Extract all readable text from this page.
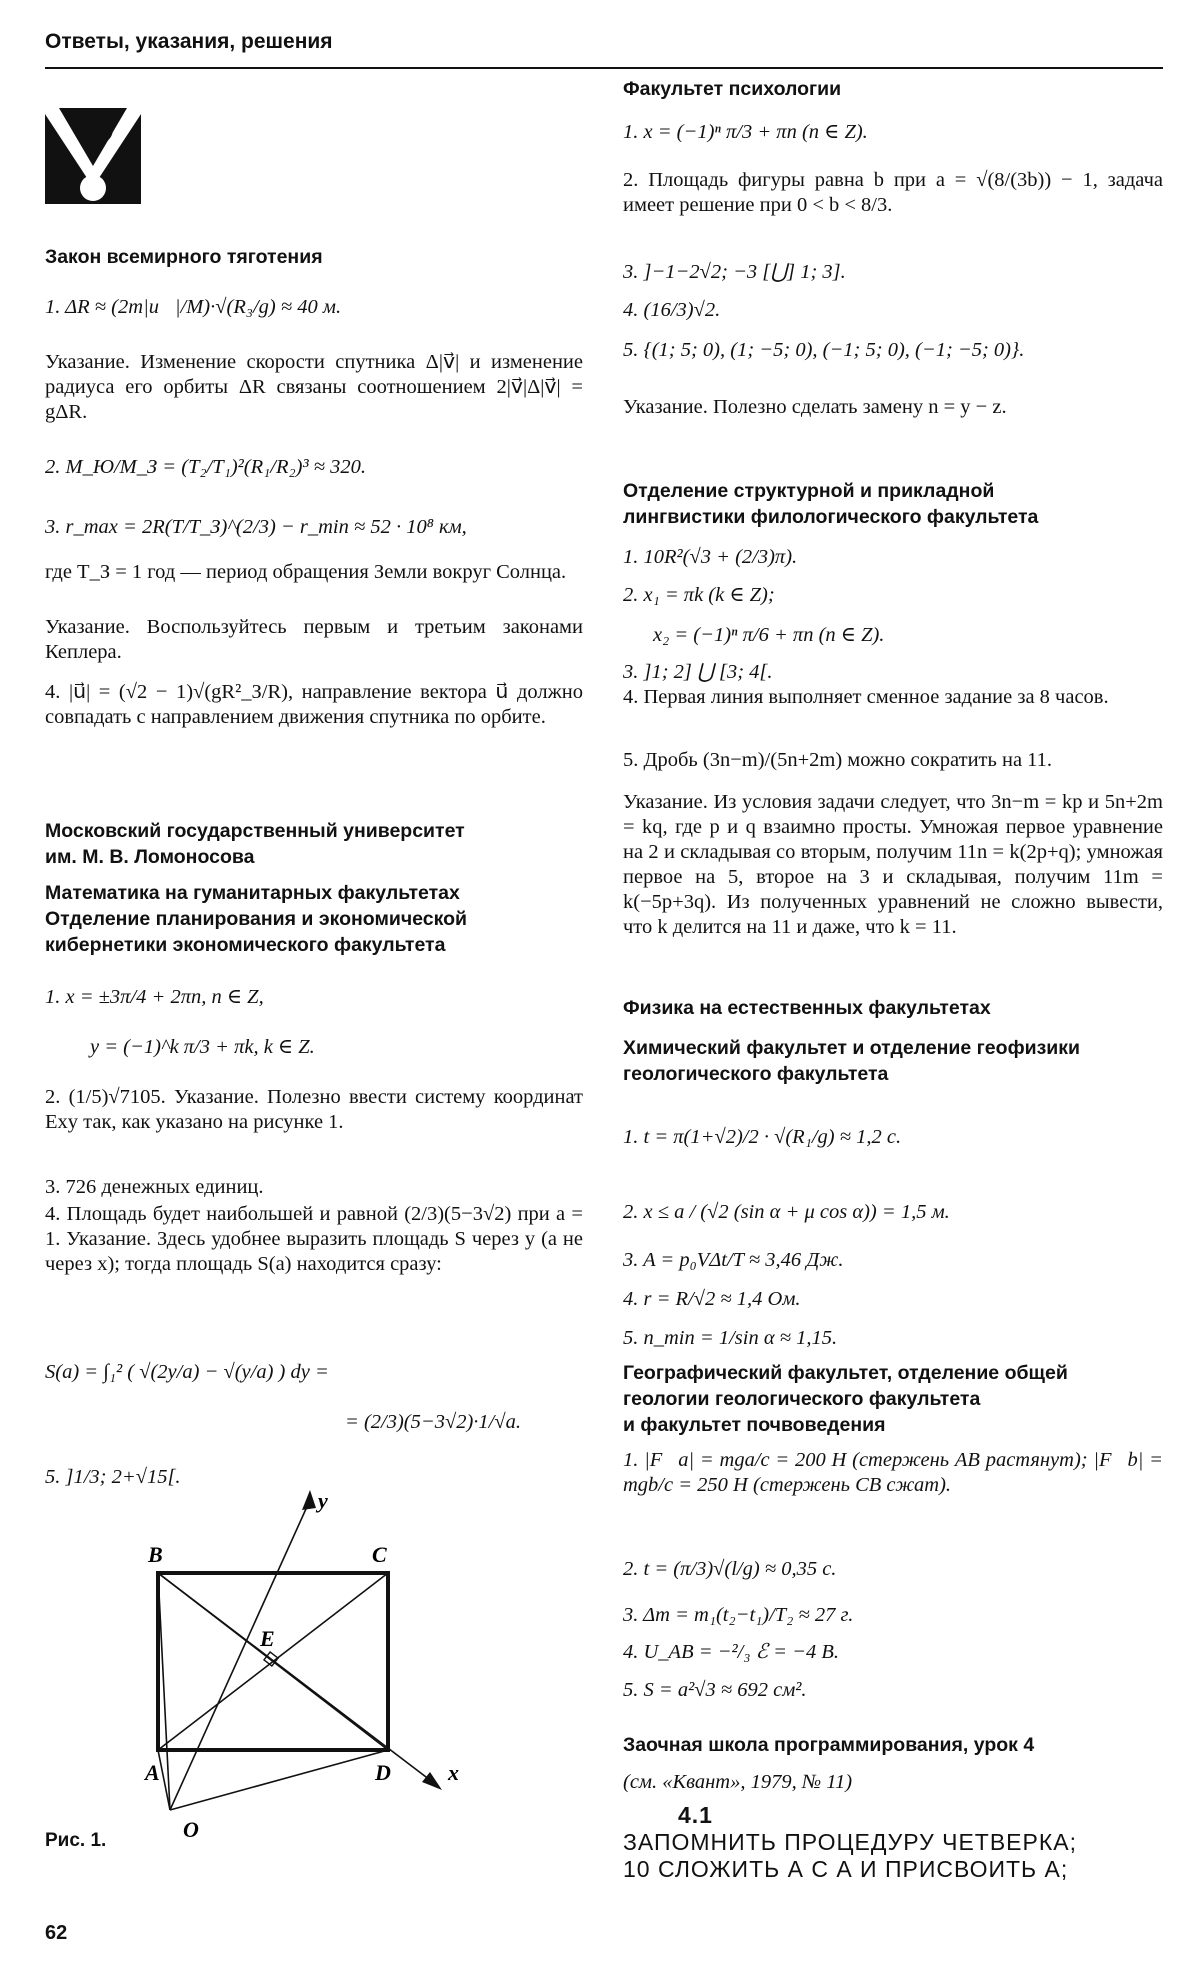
Ответы, указания, решения
Закон всемирного тяготения
1. ΔR ≈ (2m|u⃗|/M)·√(R₃/g) ≈ 40 м.
Указание. Изменение скорости спутника Δ|v⃗| и изменение радиуса его орбиты ΔR связаны соотношением 2|v⃗|Δ|v⃗| = gΔR.
2. M_Ю/M_З = (T₂/T₁)²(R₁/R₂)³ ≈ 320.
3. r_max = 2R(T/T_З)^(2/3) − r_min ≈ 52 · 10⁸ км,
где T_З = 1 год — период обращения Земли вокруг Солнца.
Указание. Воспользуйтесь первым и третьим законами Кеплера.
4. |u⃗| = (√2 − 1)√(gR²_З/R), направление вектора u⃗ должно совпадать с направлением движения спутника по орбите.
Московский государственный университет
им. М. В. Ломоносова
Математика на гуманитарных факультетах
Отделение планирования и экономической
кибернетики экономического факультета
1. x = ±3π/4 + 2πn, n ∈ Z,
y = (−1)^k π/3 + πk, k ∈ Z.
2. (1/5)√7105. Указание. Полезно ввести систему координат Exy так, как указано на рисунке 1.
3. 726 денежных единиц.
4. Площадь будет наибольшей и равной (2/3)(5−3√2) при a = 1. Указание. Здесь удобнее выразить площадь S через y (а не через x); тогда площадь S(a) находится сразу:
S(a) = ∫₁² ( √(2y/a) − √(y/a) ) dy =
= (2/3)(5−3√2)·1/√a.
5. ]1/3; 2+√15[.
B	C
A	D
E
O
y
x
Рис. 1.
62
Факультет психологии
1. x = (−1)ⁿ π/3 + πn (n ∈ Z).
2. Площадь фигуры равна b при a = √(8/(3b)) − 1, задача имеет решение при 0 < b < 8/3.
3. ]−1−2√2; −3 [⋃] 1; 3].
4. (16/3)√2.
5. {(1; 5; 0), (1; −5; 0), (−1; 5; 0), (−1; −5; 0)}.
Указание. Полезно сделать замену n = y − z.
Отделение структурной и прикладной
лингвистики филологического факультета
1. 10R²(√3 + (2/3)π).
2. x₁ = πk (k ∈ Z);
x₂ = (−1)ⁿ π/6 + πn (n ∈ Z).
3. ]1; 2] ⋃ [3; 4[.
4. Первая линия выполняет сменное задание за 8 часов.
5. Дробь (3n−m)/(5n+2m) можно сократить на 11.
Указание. Из условия задачи следует, что 3n−m = kp и 5n+2m = kq, где p и q взаимно просты. Умножая первое уравнение на 2 и складывая со вторым, получим 11n = k(2p+q); умножая первое на 5, второе на 3 и складывая, получим 11m = k(−5p+3q). Из полученных уравнений не сложно вывести, что k делится на 11 и даже, что k = 11.
Физика на естественных факультетах
Химический факультет и отделение геофизики
геологического факультета
1. t = π(1+√2)/2 · √(R₁/g) ≈ 1,2 с.
2. x ≤ a / (√2 (sin α + μ cos α)) = 1,5 м.
3. A = p₀VΔt/T ≈ 3,46 Дж.
4. r = R/√2 ≈ 1,4 Ом.
5. n_min = 1/sin α ≈ 1,15.
Географический факультет, отделение общей
геологии геологического факультета
и факультет почвоведения
1. |F⃗a| = mga/c = 200 Н (стержень AB растянут); |F⃗b| = mgb/c = 250 Н (стержень CB сжат).
2. t = (π/3)√(l/g) ≈ 0,35 с.
3. Δm = m₁(t₂−t₁)/T₂ ≈ 27 г.
4. U_AB = −²/₃ ℰ = −4 В.
5. S = a²√3 ≈ 692 см².
Заочная школа программирования, урок 4
(см. «Квант», 1979, № 11)
4.1
ЗАПОМНИТЬ ПРОЦЕДУРУ ЧЕТВЕРКА;
10 СЛОЖИТЬ А С А И ПРИСВОИТЬ А;
